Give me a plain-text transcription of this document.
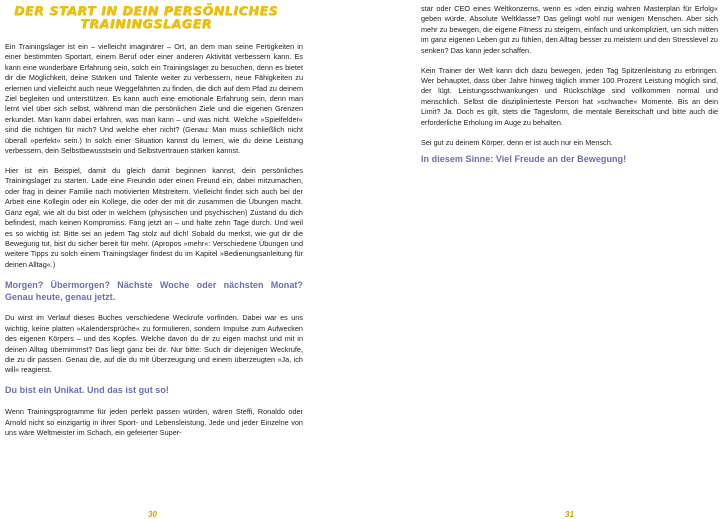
DER START IN DEIN PERSÖNLICHES
TRAININGSLAGER

Ein Trainingslager ist ein – vielleicht imaginärer – Ort, an dem man seine Fertigkeiten in einer bestimmten Sportart, einem Beruf oder einer anderen Aktivität verbessern kann. Es kann eine wunderbare Erfahrung sein, solch ein Trainingslager zu besuchen, denn es bietet dir die Möglichkeit, deine Stärken und Talente weiter zu verbessern, neue Fähigkeiten zu erlernen und vielleicht auch neue Weggefährten zu finden, die dich auf dem Pfad zu deinem Ziel begleiten und unterstützen. Es kann auch eine emotionale Erfahrung sein, denn man lernt viel über sich selbst, während man die persönlichen Ziele und die eigenen Grenzen erkundet. Man kann dabei erfahren, was man kann – und was nicht. Welche »Spielfelder« sind die richtigen für mich? Und welche eher nicht? (Genau: Man muss schließlich nicht überall »perfekt« sein.) In solch einer Situation kannst du lernen, wie du deine Leistung verbessern, dein Selbstbewusstsein und Selbstvertrauen stärken kannst.

Hier ist ein Beispiel, damit du gleich damit beginnen kannst, dein persönliches Trainingslager zu starten. Lade eine Freundin oder einen Freund ein, dabei mitzumachen, oder frag in deiner Familie nach motivierten Mitstreitern. Vielleicht findet sich auch bei der Arbeit eine Kollegin oder ein Kollege, die oder der mit dir zusammen die Übungen macht. Ganz egal, wie alt du bist oder in welchem (physischen und psychischen) Zustand du dich befindest, mach keinen Kompromiss. Fang jetzt an – und halte zehn Tage durch. Und weil es so wichtig ist: Bitte sei an jedem Tag stolz auf dich! Sobald du merkst, wie gut dir die Bewegung tut, bist du sicher bereit für mehr. (Apropos »mehr«: Verschiedene Übungen und weitere Tipps zu solch einem Trainingslager findest du im Kapitel »Bedienungsanleitung für deinen Alltag«.)

Morgen? Übermorgen? Nächste Woche oder nächsten Monat? Genau heute, genau jetzt.

Du wirst im Verlauf dieses Buches verschiedene Weckrufe vorfinden. Dabei war es uns wichtig, keine platten »Kalendersprüche« zu formulieren, sondern Impulse zum Aufwecken des eigenen Körpers – und des Kopfes. Welche davon du dir zu eigen machst und mit in deinen Alltag übernimmst? Das liegt ganz bei dir. Nur bitte: Such dir diejenigen Weckrufe, die zu dir passen. Genau die, auf die du mit Überzeugung und einem überzeugten »Ja, ich will« reagierst.

Du bist ein Unikat. Und das ist gut so!

Wenn Trainingsprogramme für jeden perfekt passen würden, wären Steffi, Ronaldo oder Arnold nicht so einzigartig in ihrer Sport- und Lebensleistung. Jede und jeder Einzelne von uns wäre Weltmeister im Schach, ein gefeierter Super-

30

star oder CEO eines Weltkonzerns, wenn es »den einzig wahren Masterplan für Erfolg« geben würde. Absolute Weltklasse? Das gelingt wohl nur wenigen Menschen. Aber sich mehr zu bewegen, die eigene Fitness zu steigern, einfach und unkompliziert, um sich mitten im ganz eigenen Leben gut zu fühlen, den Alltag besser zu meistern und den Stresslevel zu senken? Das kann jeder schaffen.

Kein Trainer der Welt kann dich dazu bewegen, jeden Tag Spitzenleistung zu erbringen. Wer behauptet, dass über Jahre hinweg täglich immer 100 Prozent Leistung möglich sind, der lügt. Leistungsschwankungen und Rückschläge sind vollkommen normal und menschlich. Selbst die disziplinierteste Person hat »schwache« Momente. Bis an dein Limit? Ja. Doch es gilt, stets die Tagesform, die mentale Bereitschaft und bitte auch die erforderliche Erholung im Auge zu behalten.

Sei gut zu deinem Körper, denn er ist auch nur ein Mensch.

In diesem Sinne: Viel Freude an der Bewegung!

31
